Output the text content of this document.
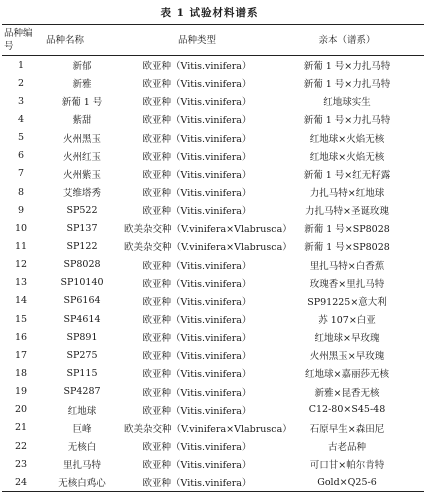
表 1 试验材料谱系
品种编号	品种名称	品种类型	亲本（谱系）
1	新郁	欧亚种（Vitis.vinifera）	新葡 1 号×力扎马特
2	新雅	欧亚种（Vitis.vinifera）	新葡 1 号×力扎马特
3	新葡 1 号	欧亚种（Vitis.vinifera）	红地球实生
4	紫甜	欧亚种（Vitis.vinifera）	新葡 1 号×力扎马特
5	火州黑玉	欧亚种（Vitis.vinifera）	红地球×火焰无核
6	火州红玉	欧亚种（Vitis.vinifera）	红地球×火焰无核
7	火州紫玉	欧亚种（Vitis.vinifera）	新葡 1 号×红无籽露
8	艾维塔秀	欧亚种（Vitis.vinifera）	力扎马特×红地球
9	SP522	欧亚种（Vitis.vinifera）	力扎马特×圣诞玫瑰
10	SP137	欧美杂交种（V.vinifera×Vlabrusca）	新葡 1 号×SP8028
11	SP122	欧美杂交种（V.vinifera×Vlabrusca）	新葡 1 号×SP8028
12	SP8028	欧亚种（Vitis.vinifera）	里扎马特×白香蕉
13	SP10140	欧亚种（Vitis.vinifera）	玫瑰香×里扎马特
14	SP6164	欧亚种（Vitis.vinifera）	SP91225×意大利
15	SP4614	欧亚种（Vitis.vinifera）	苏 107×白亚
16	SP891	欧亚种（Vitis.vinifera）	红地球×早玫瑰
17	SP275	欧亚种（Vitis.vinifera）	火州黑玉×早玫瑰
18	SP115	欧亚种（Vitis.vinifera）	红地球×嘉丽莎无核
19	SP4287	欧亚种（Vitis.vinifera）	新雅×昆香无核
20	红地球	欧亚种（Vitis.vinifera）	C12-80×S45-48
21	巨峰	欧美杂交种（V.vinifera×Vlabrusca）	石原早生×森田尼
22	无核白	欧亚种（Vitis.vinifera）	古老品种
23	里扎马特	欧亚种（Vitis.vinifera）	可口甘×帕尔肯特
24	无核白鸡心	欧亚种（Vitis.vinifera）	Gold×Q25-6
